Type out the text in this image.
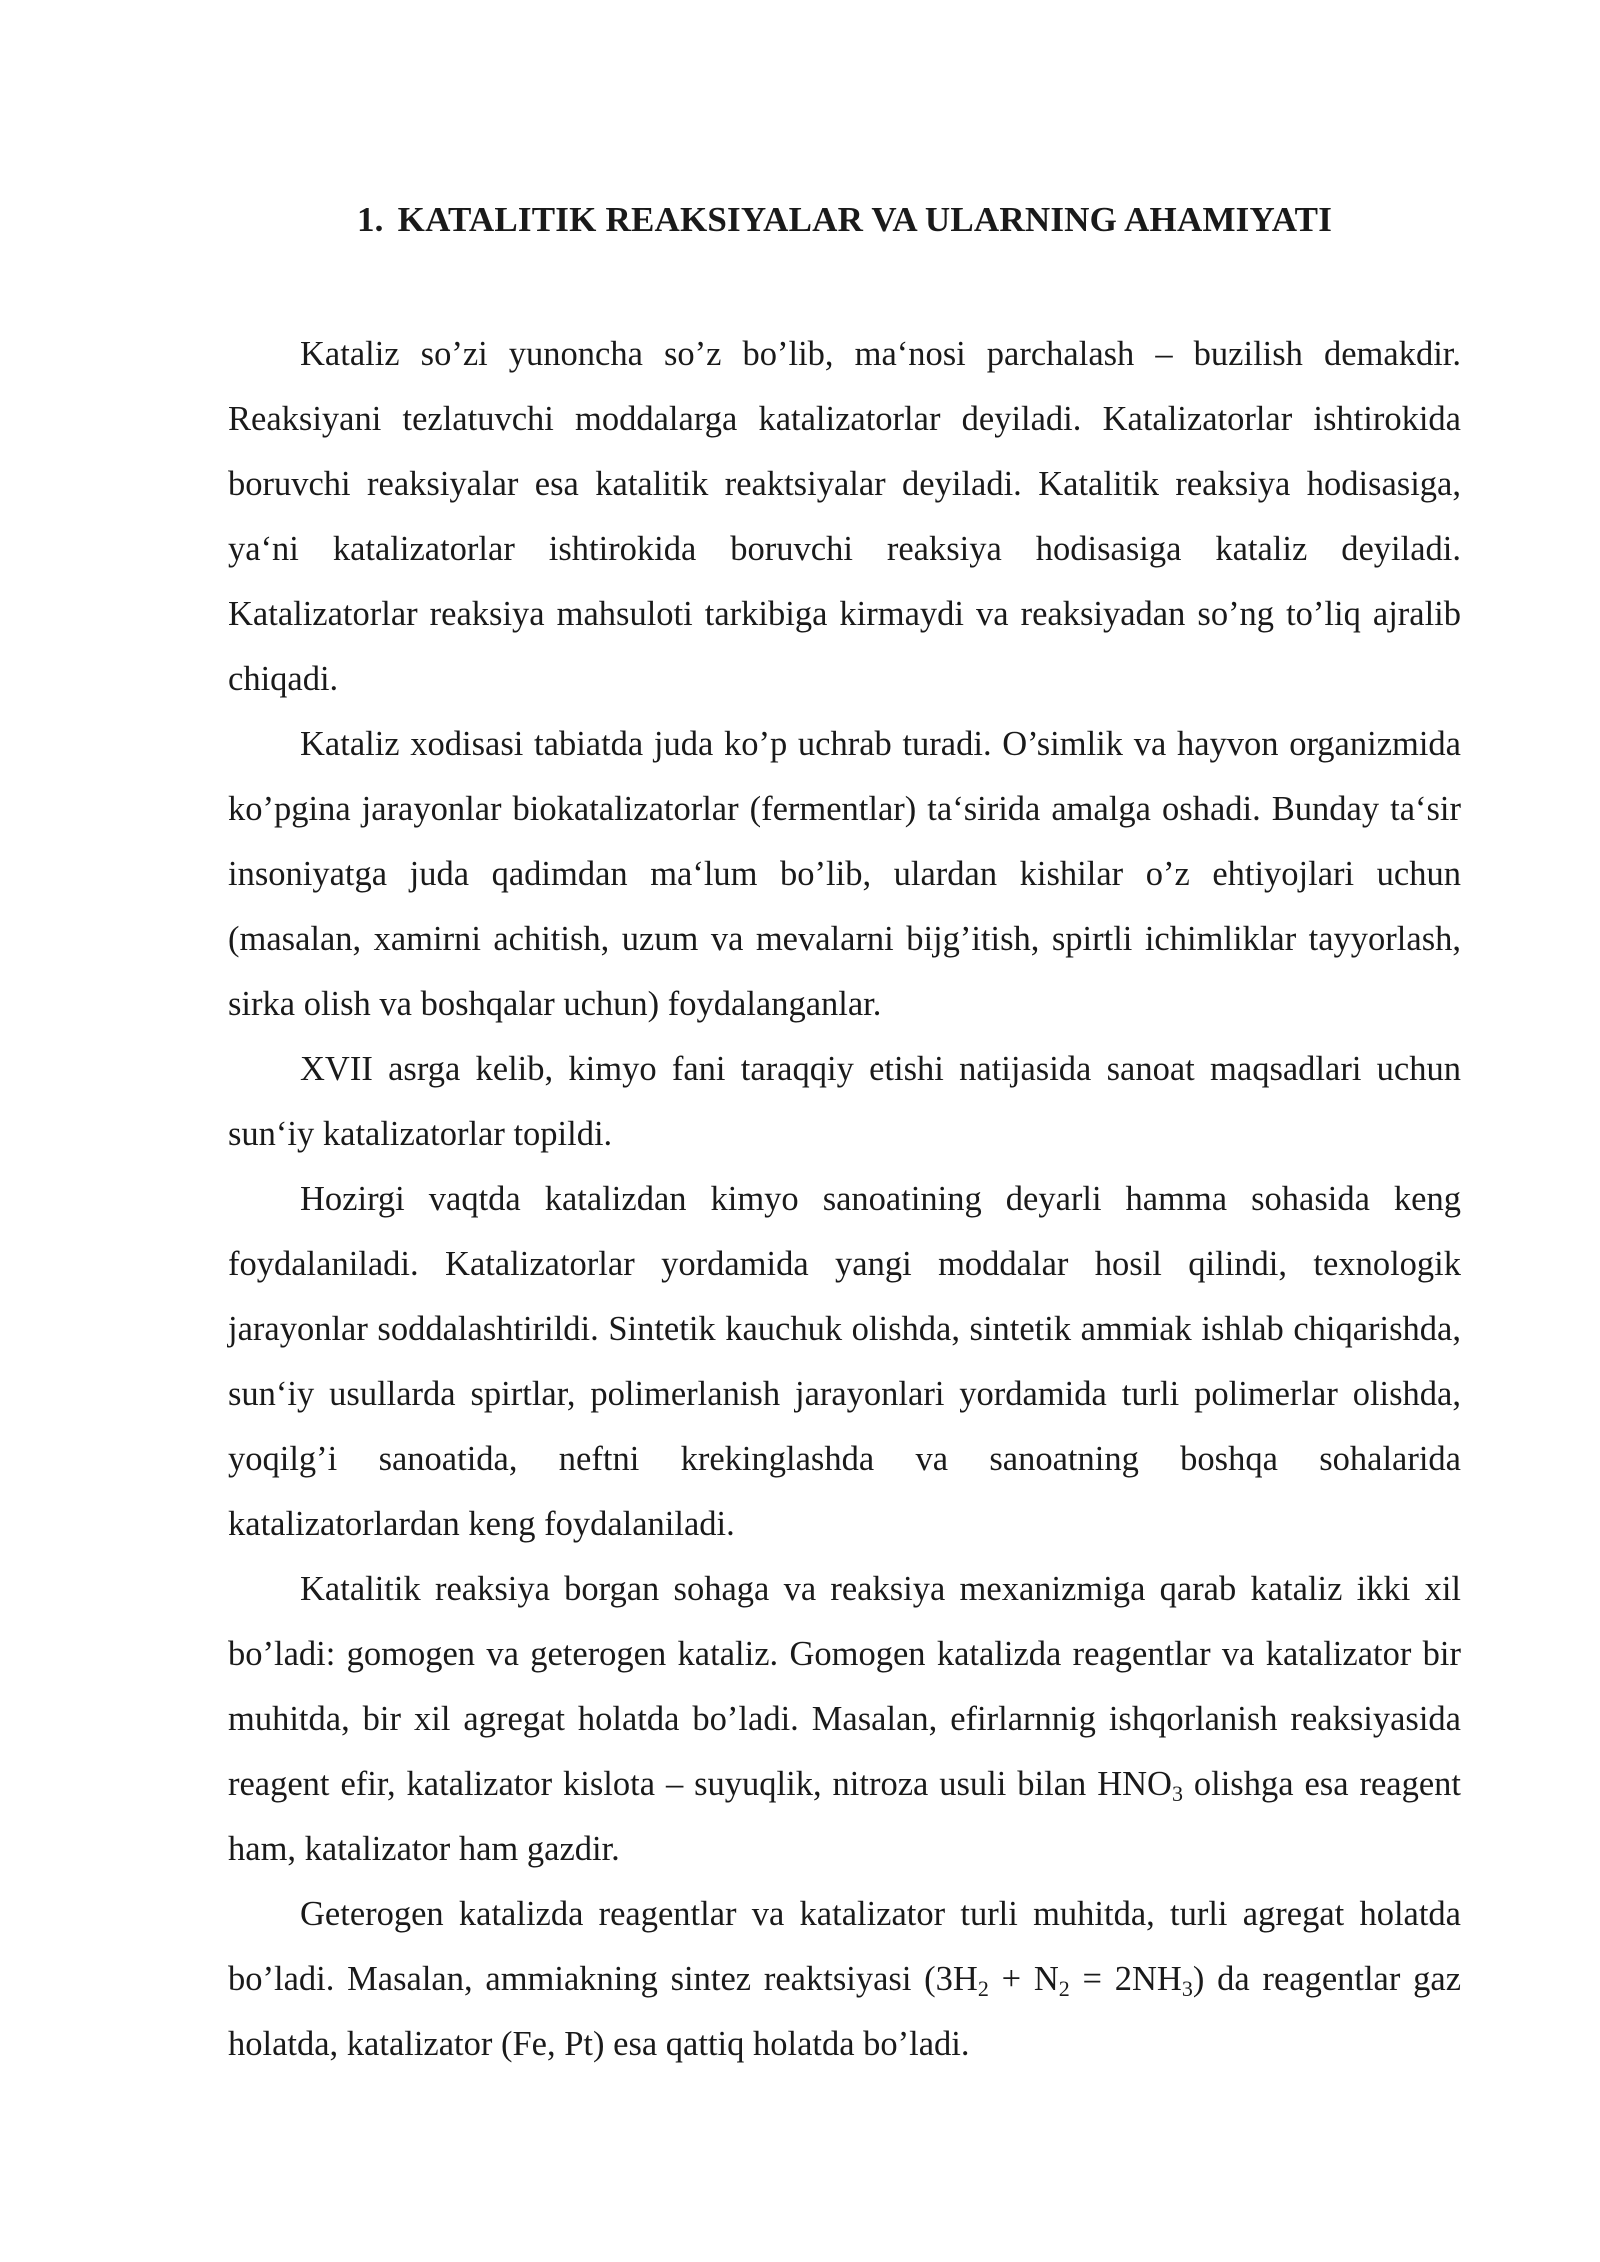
1. KATALITIK REAKSIYALAR VA ULARNING AHAMIYATI

Kataliz so’zi yunoncha so’z bo’lib, ma‘nosi parchalash – buzilish demakdir. Reaksiyani tezlatuvchi moddalarga katalizatorlar deyiladi. Katalizatorlar ishtirokida boruvchi reaksiyalar esa katalitik reaktsiyalar deyiladi. Katalitik reaksiya hodisasiga, ya‘ni katalizatorlar ishtirokida boruvchi reaksiya hodisasiga kataliz deyiladi. Katalizatorlar reaksiya mahsuloti tarkibiga kirmaydi va reaksiyadan so’ng to’liq ajralib chiqadi.

Kataliz xodisasi tabiatda juda ko’p uchrab turadi. O’simlik va hayvon organizmida ko’pgina jarayonlar biokatalizatorlar (fermentlar) ta‘sirida amalga oshadi. Bunday ta‘sir insoniyatga juda qadimdan ma‘lum bo’lib, ulardan kishilar o’z ehtiyojlari uchun (masalan, xamirni achitish, uzum va mevalarni bijg’itish, spirtli ichimliklar tayyorlash, sirka olish va boshqalar uchun) foydalanganlar.

XVII asrga kelib, kimyo fani taraqqiy etishi natijasida sanoat maqsadlari uchun sun‘iy katalizatorlar topildi.

Hozirgi vaqtda katalizdan kimyo sanoatining deyarli hamma sohasida keng foydalaniladi. Katalizatorlar yordamida yangi moddalar hosil qilindi, texnologik jarayonlar soddalashtirildi. Sintetik kauchuk olishda, sintetik ammiak ishlab chiqarishda, sun‘iy usullarda spirtlar, polimerlanish jarayonlari yordamida turli polimerlar olishda, yoqilg’i sanoatida, neftni krekinglashda va sanoatning boshqa sohalarida katalizatorlardan keng foydalaniladi.

Katalitik reaksiya borgan sohaga va reaksiya mexanizmiga qarab kataliz ikki xil bo’ladi: gomogen va geterogen kataliz. Gomogen katalizda reagentlar va katalizator bir muhitda, bir xil agregat holatda bo’ladi. Masalan, efirlarnnig ishqorlanish reaksiyasida reagent efir, katalizator kislota – suyuqlik, nitroza usuli bilan $HNO_3$ olishga esa reagent ham, katalizator ham gazdir.

Geterogen katalizda reagentlar va katalizator turli muhitda, turli agregat holatda bo’ladi. Masalan, ammiakning sintez reaktsiyasi $(3H_2 + N_2 = 2NH_3)$ da reagentlar gaz holatda, katalizator (Fe, Pt) esa qattiq holatda bo’ladi.
